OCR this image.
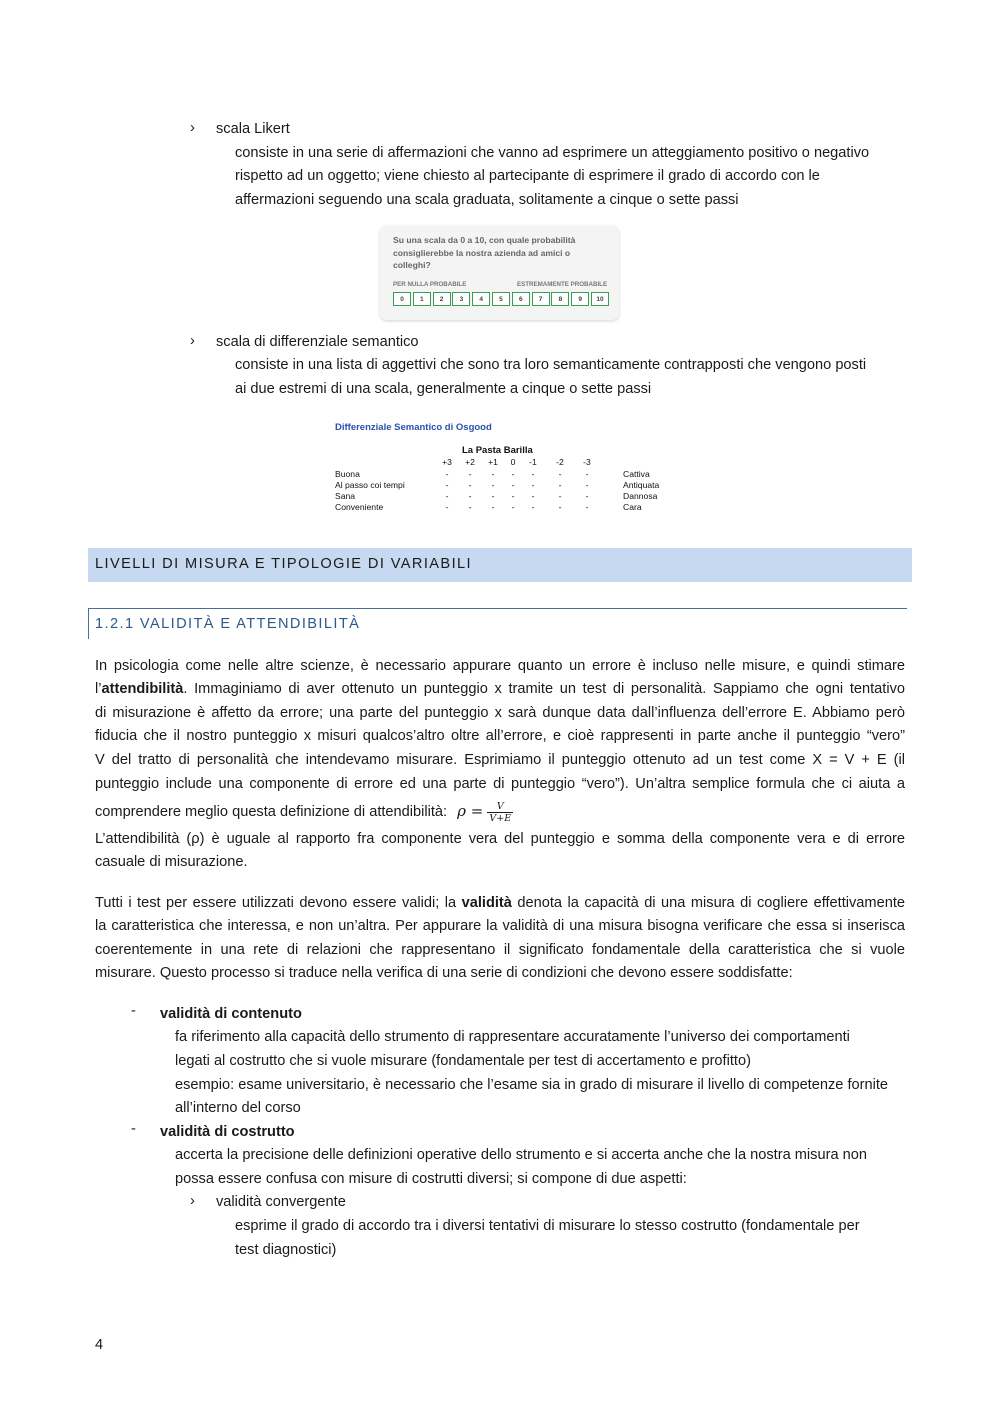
› scala Likert
consiste in una serie di affermazioni che vanno ad esprimere un atteggiamento positivo o negativo
rispetto ad un oggetto; viene chiesto al partecipante di esprimere il grado di accordo con le
affermazioni seguendo una scala graduata, solitamente a cinque o sette passi
Su una scala da 0 a 10, con quale probabilità consiglierebbe la nostra azienda ad amici o colleghi?
PER NULLA PROBABILE	ESTREMAMENTE PROBABILE
0	1	2	3	4	5	6	7	8	9	10
› scala di differenziale semantico
consiste in una lista di aggettivi che sono tra loro semanticamente contrapposti che vengono posti
ai due estremi di una scala, generalmente a cinque o sette passi
Differenziale Semantico di Osgood
La Pasta Barilla
+3	+2	+1	0	-1	-2	-3
Buona	-	-	-	-	-	-	-	Cattiva
Al passo coi tempi	-	-	-	-	-	-	-	Antiquata
Sana	-	-	-	-	-	-	-	Dannosa
Conveniente	-	-	-	-	-	-	-	Cara
LIVELLI DI MISURA E TIPOLOGIE DI VARIABILI
1.2.1 VALIDITÀ E ATTENDIBILITÀ
In psicologia come nelle altre scienze, è necessario appurare quanto un errore è incluso nelle misure, e quindi stimare
l’attendibilità. Immaginiamo di aver ottenuto un punteggio x tramite un test di personalità. Sappiamo che ogni tentativo
di misurazione è affetto da errore; una parte del punteggio x sarà dunque data dall’influenza dell’errore E. Abbiamo però
fiducia che il nostro punteggio x misuri qualcos’altro oltre all’errore, e cioè rappresenti in parte anche il punteggio “vero”
V del tratto di personalità che intendevamo misurare. Esprimiamo il punteggio ottenuto ad un test come X = V + E (il
punteggio include una componente di errore ed una parte di punteggio “vero”). Un’altra semplice formula che ci aiuta a
comprendere meglio questa definizione di attendibilità: $\rho = \frac{V}{V+E}$
L’attendibilità (ρ) è uguale al rapporto fra componente vera del punteggio e somma della componente vera e di errore
casuale di misurazione.
Tutti i test per essere utilizzati devono essere validi; la validità denota la capacità di una misura di cogliere effettivamente
la caratteristica che interessa, e non un’altra. Per appurare la validità di una misura bisogna verificare che essa si inserisca
coerentemente in una rete di relazioni che rappresentano il significato fondamentale della caratteristica che si vuole
misurare. Questo processo si traduce nella verifica di una serie di condizioni che devono essere soddisfatte:
- validità di contenuto
fa riferimento alla capacità dello strumento di rappresentare accuratamente l’universo dei comportamenti
legati al costrutto che si vuole misurare (fondamentale per test di accertamento e profitto)
esempio: esame universitario, è necessario che l’esame sia in grado di misurare il livello di competenze fornite
all’interno del corso
- validità di costrutto
accerta la precisione delle definizioni operative dello strumento e si accerta anche che la nostra misura non
possa essere confusa con misure di costrutti diversi; si compone di due aspetti:
› validità convergente
esprime il grado di accordo tra i diversi tentativi di misurare lo stesso costrutto (fondamentale per
test diagnostici)
4
